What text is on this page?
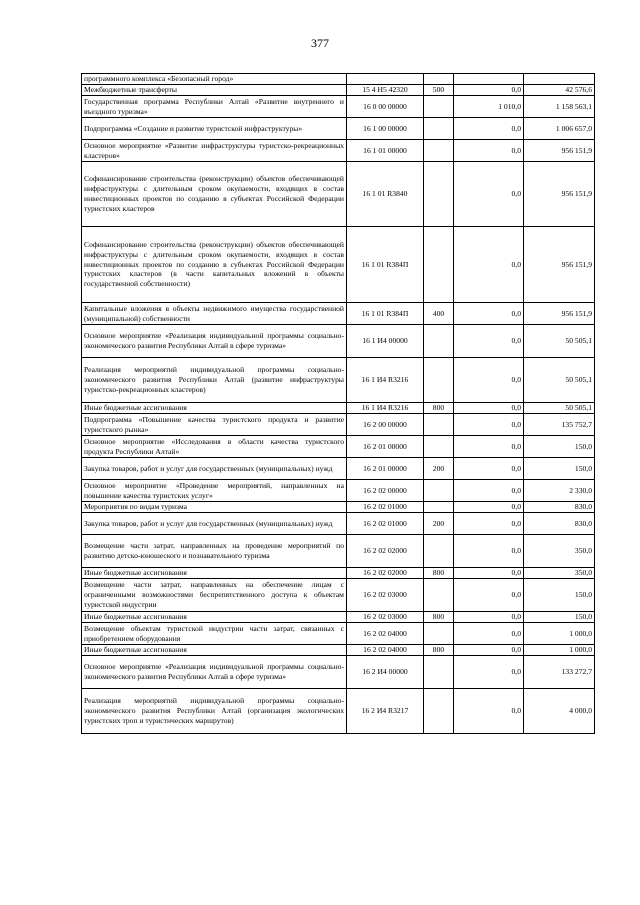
377
программного комплекса «Безопасный город»				
Межбюджетные трансферты	15 4 Н5 42320	500	0,0	42 576,6
Государственная программа Республики Алтай «Развитие внутреннего и въездного туризма»	16 0 00 00000		1 010,0	1 158 563,1
Подпрограмма «Создание и развитие туристской инфраструктуры»	16 1 00 00000		0,0	1 006 657,0
Основное мероприятие «Развитие инфраструктуры туристско-рекреационных кластеров»	16 1 01 00000		0,0	956 151,9
Софинансирование строительства (реконструкции) объектов обеспечивающей инфраструктуры с длительным сроком окупаемости, входящих в состав инвестиционных проектов по созданию в субъектах Российской Федерации туристских кластеров	16 1 01 R3840		0,0	956 151,9
Софинансирование строительства (реконструкции) объектов обеспечивающей инфраструктуры с длительным сроком окупаемости, входящих в состав инвестиционных проектов по созданию в субъектах Российской Федерации туристских кластеров (в части капитальных вложений в объекты государственной собственности)	16 1 01 R384П		0,0	956 151,9
Капитальные вложения в объекты недвижимого имущества государственной (муниципальной) собственности	16 1 01 R384П	400	0,0	956 151,9
Основное мероприятие «Реализация индивидуальной программы социально-экономического развития Республики Алтай в сфере туризма»	16 1 И4 00000		0,0	50 505,1
Реализация мероприятий индивидуальной программы социально-экономического развития Республики Алтай (развитие инфраструктуры туристско-рекреационных кластеров)	16 1 И4 R3216		0,0	50 505,1
Иные бюджетные ассигнования	16 1 И4 R3216	800	0,0	50 505,1
Подпрограмма «Повышение качества туристского продукта и развитие туристского рынка»	16 2 00 00000		0,0	135 752,7
Основное мероприятие «Исследования в области качества туристского продукта Республики Алтай»	16 2 01 00000		0,0	150,0
Закупка товаров, работ и услуг для государственных (муниципальных) нужд	16 2 01 00000	200	0,0	150,0
Основное мероприятие «Проведение мероприятий, направленных на повышение качества туристских услуг»	16 2 02 00000		0,0	2 330,0
Мероприятия по видам туризма	16 2 02 01000		0,0	830,0
Закупка товаров, работ и услуг для государственных (муниципальных) нужд	16 2 02 01000	200	0,0	830,0
Возмещение части затрат, направленных на проведение мероприятий по развитию детско-юношеского и познавательного туризма	16 2 02 02000		0,0	350,0
Иные бюджетные ассигнования	16 2 02 02000	800	0,0	350,0
Возмещение части затрат, направленных на обеспечение лицам с ограниченными возможностями беспрепятственного доступа к объектам туристской индустрии	16 2 02 03000		0,0	150,0
Иные бюджетные ассигнования	16 2 02 03000	800	0,0	150,0
Возмещение объектам туристской индустрии части затрат, связанных с приобретением оборудования	16 2 02 04000		0,0	1 000,0
Иные бюджетные ассигнования	16 2 02 04000	800	0,0	1 000,0
Основное мероприятие «Реализация индивидуальной программы социально-экономического развития Республики Алтай в сфере туризма»	16 2 И4 00000		0,0	133 272,7
Реализация мероприятий индивидуальной программы социально-экономического развития Республики Алтай (организация экологических туристских троп и туристических маршрутов)	16 2 И4 R3217		0,0	4 000,0
